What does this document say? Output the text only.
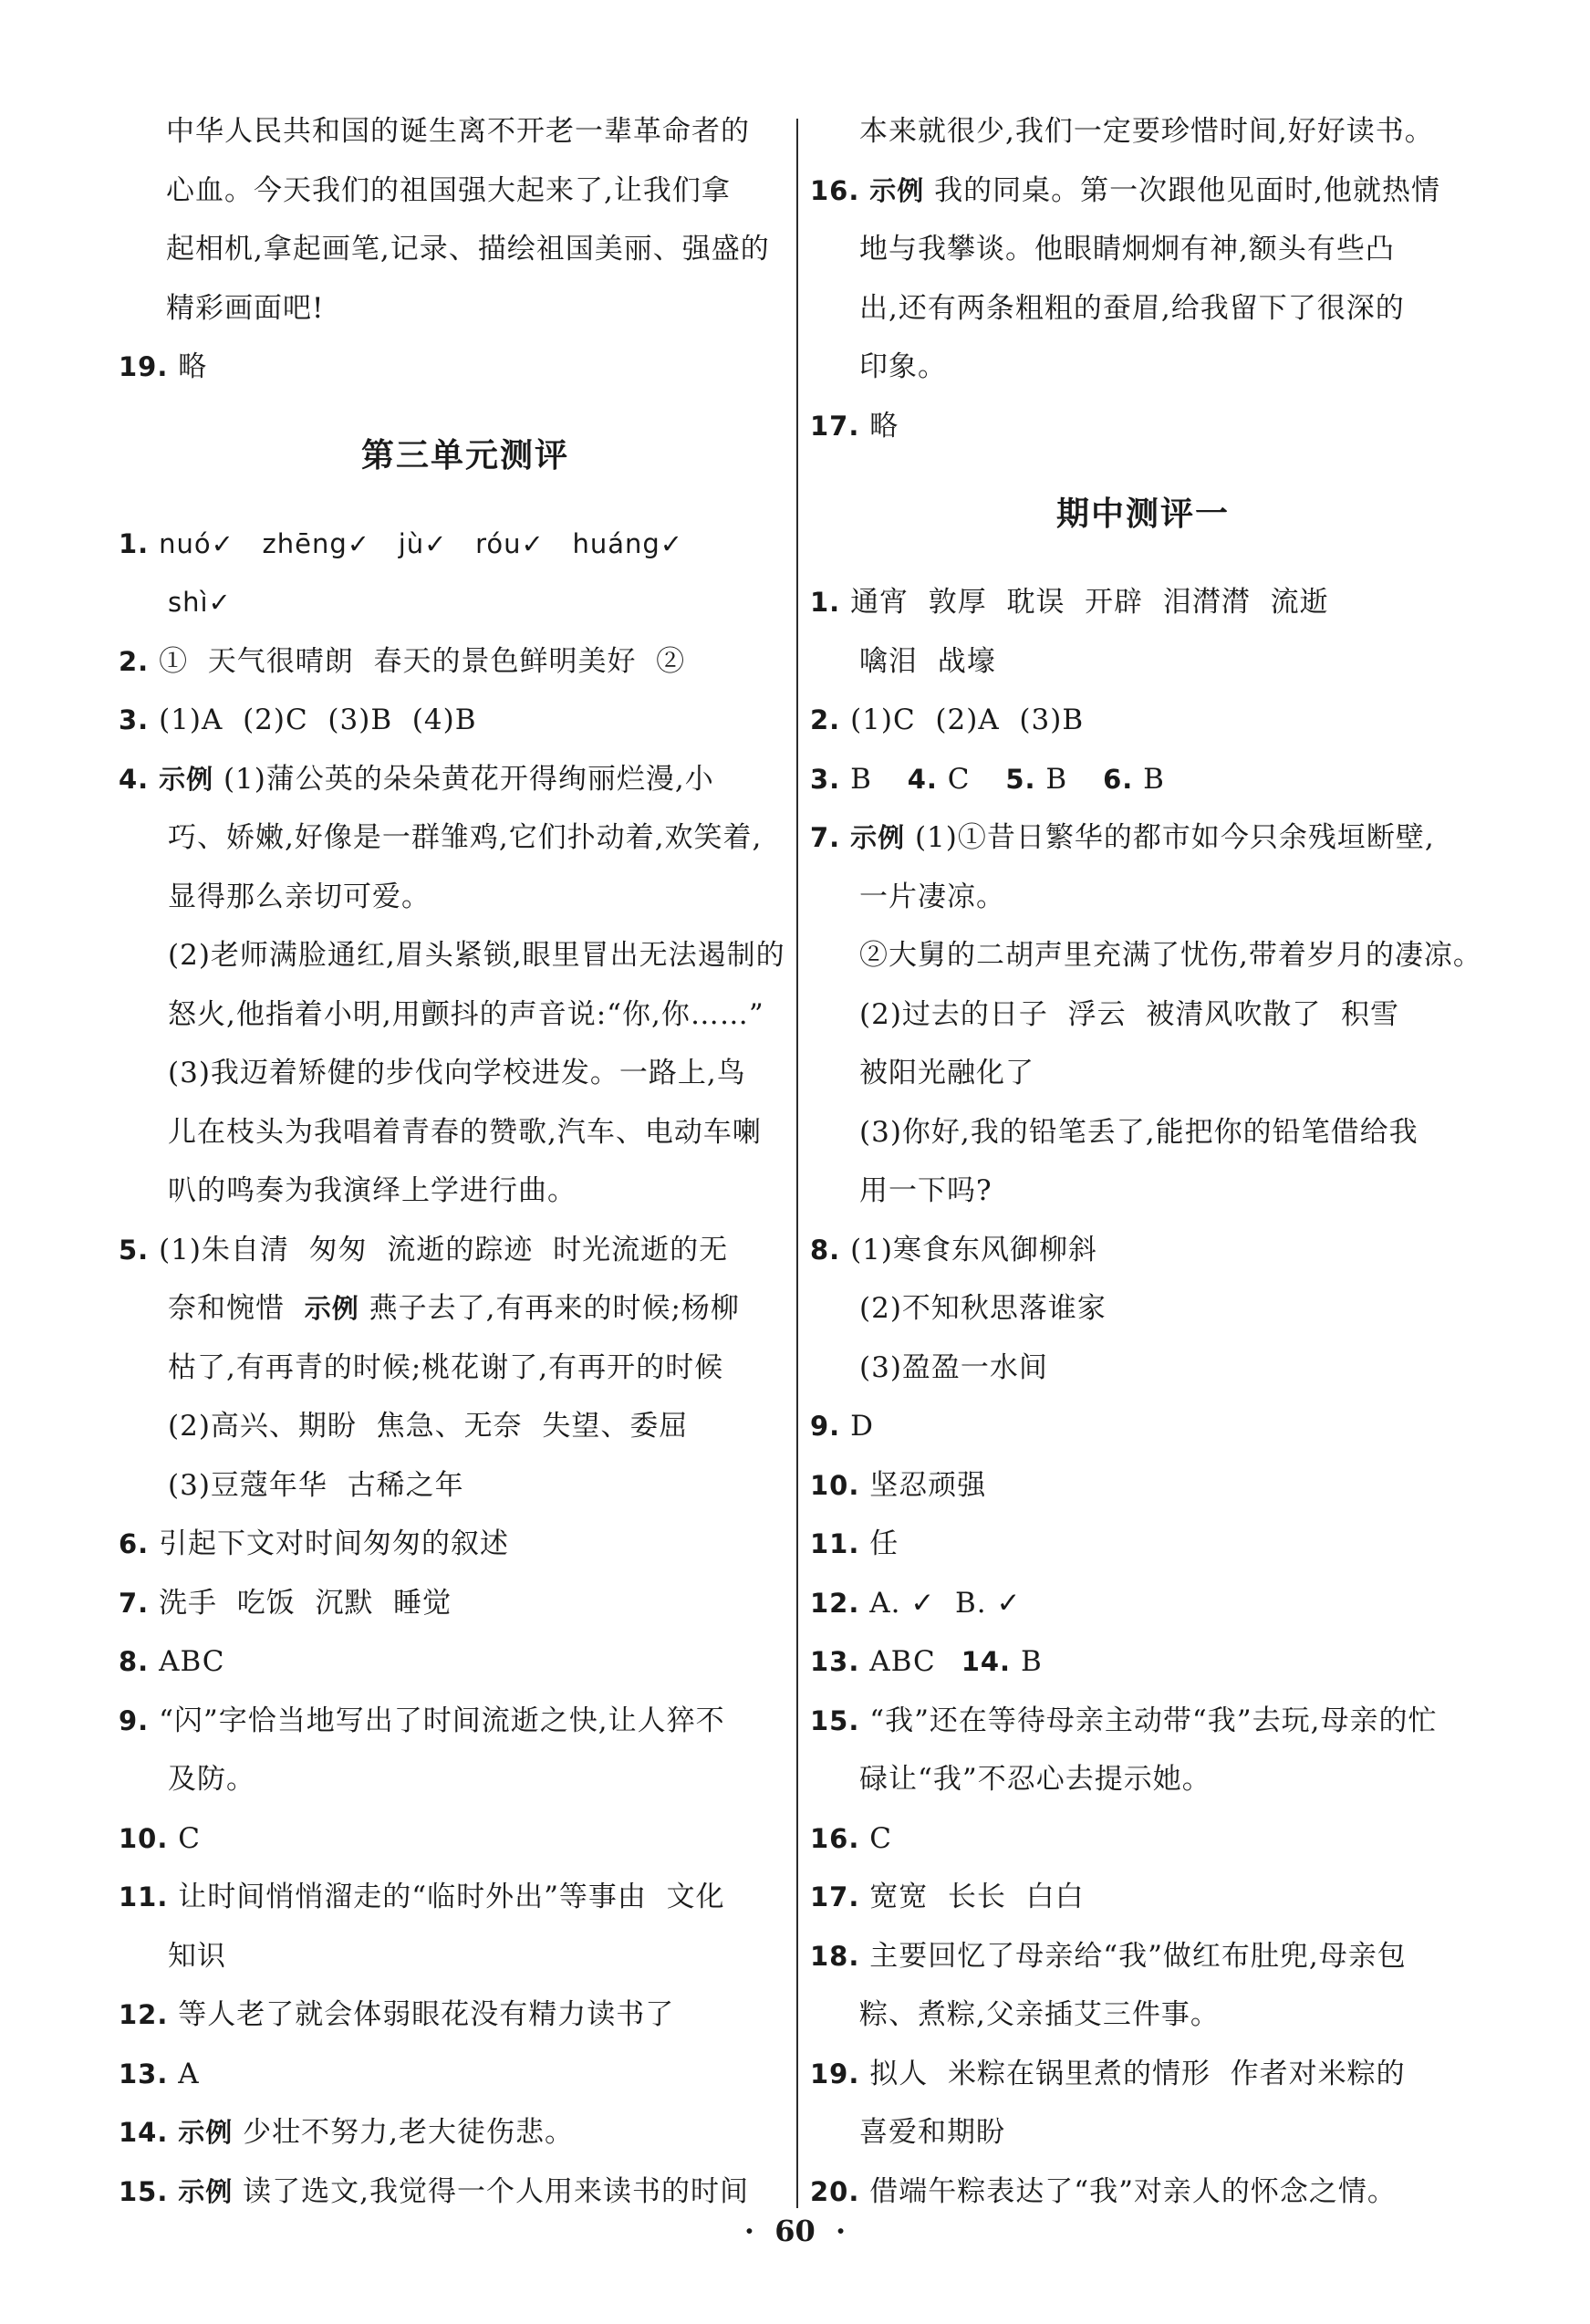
中华人民共和国的诞生离不开老一辈革命者的
心血。今天我们的祖国强大起来了,让我们拿
起相机,拿起画笔,记录、描绘祖国美丽、强盛的
精彩画面吧!
19. 略
第三单元测评
1. nuó✓   zhēng✓   jù✓   róu✓   huáng✓
shì✓
2. ①  天气很晴朗  春天的景色鲜明美好  ②
3. (1)A  (2)C  (3)B  (4)B
4. 示例 (1)蒲公英的朵朵黄花开得绚丽烂漫,小
巧、娇嫩,好像是一群雏鸡,它们扑动着,欢笑着,
显得那么亲切可爱。
(2)老师满脸通红,眉头紧锁,眼里冒出无法遏制的
怒火,他指着小明,用颤抖的声音说:“你,你……”
(3)我迈着矫健的步伐向学校进发。一路上,鸟
儿在枝头为我唱着青春的赞歌,汽车、电动车喇
叭的鸣奏为我演绎上学进行曲。
5. (1)朱自清  匆匆  流逝的踪迹  时光流逝的无
奈和惋惜  示例 燕子去了,有再来的时候;杨柳
枯了,有再青的时候;桃花谢了,有再开的时候
(2)高兴、期盼  焦急、无奈  失望、委屈
(3)豆蔻年华  古稀之年
6. 引起下文对时间匆匆的叙述
7. 洗手  吃饭  沉默  睡觉
8. ABC
9. “闪”字恰当地写出了时间流逝之快,让人猝不
及防。
10. C
11. 让时间悄悄溜走的“临时外出”等事由  文化
知识
12. 等人老了就会体弱眼花没有精力读书了
13. A
14. 示例 少壮不努力,老大徒伤悲。
15. 示例 读了选文,我觉得一个人用来读书的时间
本来就很少,我们一定要珍惜时间,好好读书。
16. 示例 我的同桌。第一次跟他见面时,他就热情
地与我攀谈。他眼睛炯炯有神,额头有些凸
出,还有两条粗粗的蚕眉,给我留下了很深的
印象。
17. 略
期中测评一
1. 通宵  敦厚  耽误  开辟  泪潸潸  流逝
噙泪  战壕
2. (1)C  (2)A  (3)B
3. B 4. C 5. B 6. B
7. 示例 (1)①昔日繁华的都市如今只余残垣断壁,
一片凄凉。
②大舅的二胡声里充满了忧伤,带着岁月的凄凉。
(2)过去的日子  浮云  被清风吹散了  积雪
被阳光融化了
(3)你好,我的铅笔丢了,能把你的铅笔借给我
用一下吗?
8. (1)寒食东风御柳斜
(2)不知秋思落谁家
(3)盈盈一水间
9. D
10. 坚忍顽强
11. 任
12. A. ✓  B. ✓
13. ABC 14. B
15. “我”还在等待母亲主动带“我”去玩,母亲的忙
碌让“我”不忍心去提示她。
16. C
17. 宽宽  长长  白白
18. 主要回忆了母亲给“我”做红布肚兜,母亲包
粽、煮粽,父亲插艾三件事。
19. 拟人  米粽在锅里煮的情形  作者对米粽的
喜爱和期盼
20. 借端午粽表达了“我”对亲人的怀念之情。
·  60  ·
